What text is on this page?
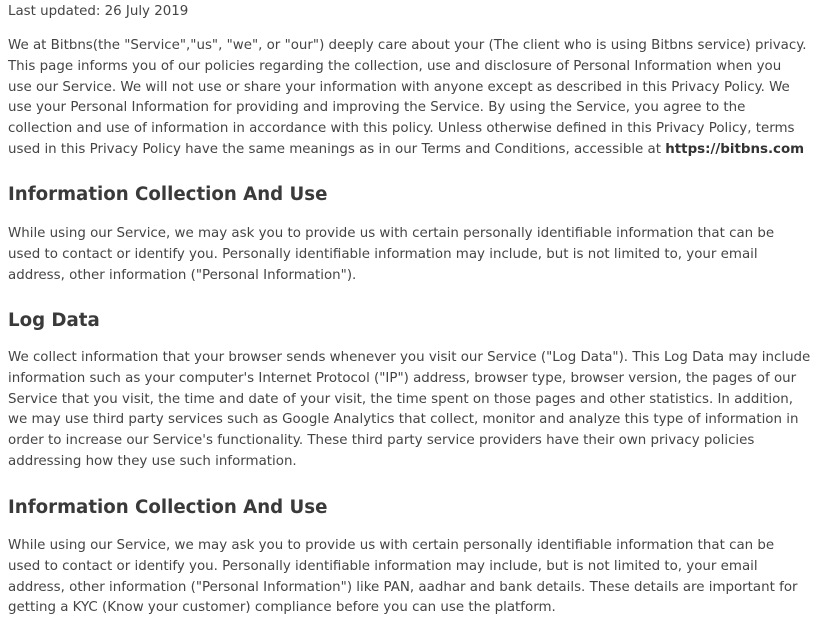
Last updated: 26 July 2019

We at Bitbns(the "Service","us", "we", or "our") deeply care about your (The client who is using Bitbns service) privacy.
This page informs you of our policies regarding the collection, use and disclosure of Personal Information when you
use our Service. We will not use or share your information with anyone except as described in this Privacy Policy. We
use your Personal Information for providing and improving the Service. By using the Service, you agree to the
collection and use of information in accordance with this policy. Unless otherwise defined in this Privacy Policy, terms
used in this Privacy Policy have the same meanings as in our Terms and Conditions, accessible at https://bitbns.com

Information Collection And Use

While using our Service, we may ask you to provide us with certain personally identifiable information that can be
used to contact or identify you. Personally identifiable information may include, but is not limited to, your email
address, other information ("Personal Information").

Log Data

We collect information that your browser sends whenever you visit our Service ("Log Data"). This Log Data may include
information such as your computer's Internet Protocol ("IP") address, browser type, browser version, the pages of our
Service that you visit, the time and date of your visit, the time spent on those pages and other statistics. In addition,
we may use third party services such as Google Analytics that collect, monitor and analyze this type of information in
order to increase our Service's functionality. These third party service providers have their own privacy policies
addressing how they use such information.

Information Collection And Use

While using our Service, we may ask you to provide us with certain personally identifiable information that can be
used to contact or identify you. Personally identifiable information may include, but is not limited to, your email
address, other information ("Personal Information") like PAN, aadhar and bank details. These details are important for
getting a KYC (Know your customer) compliance before you can use the platform.
